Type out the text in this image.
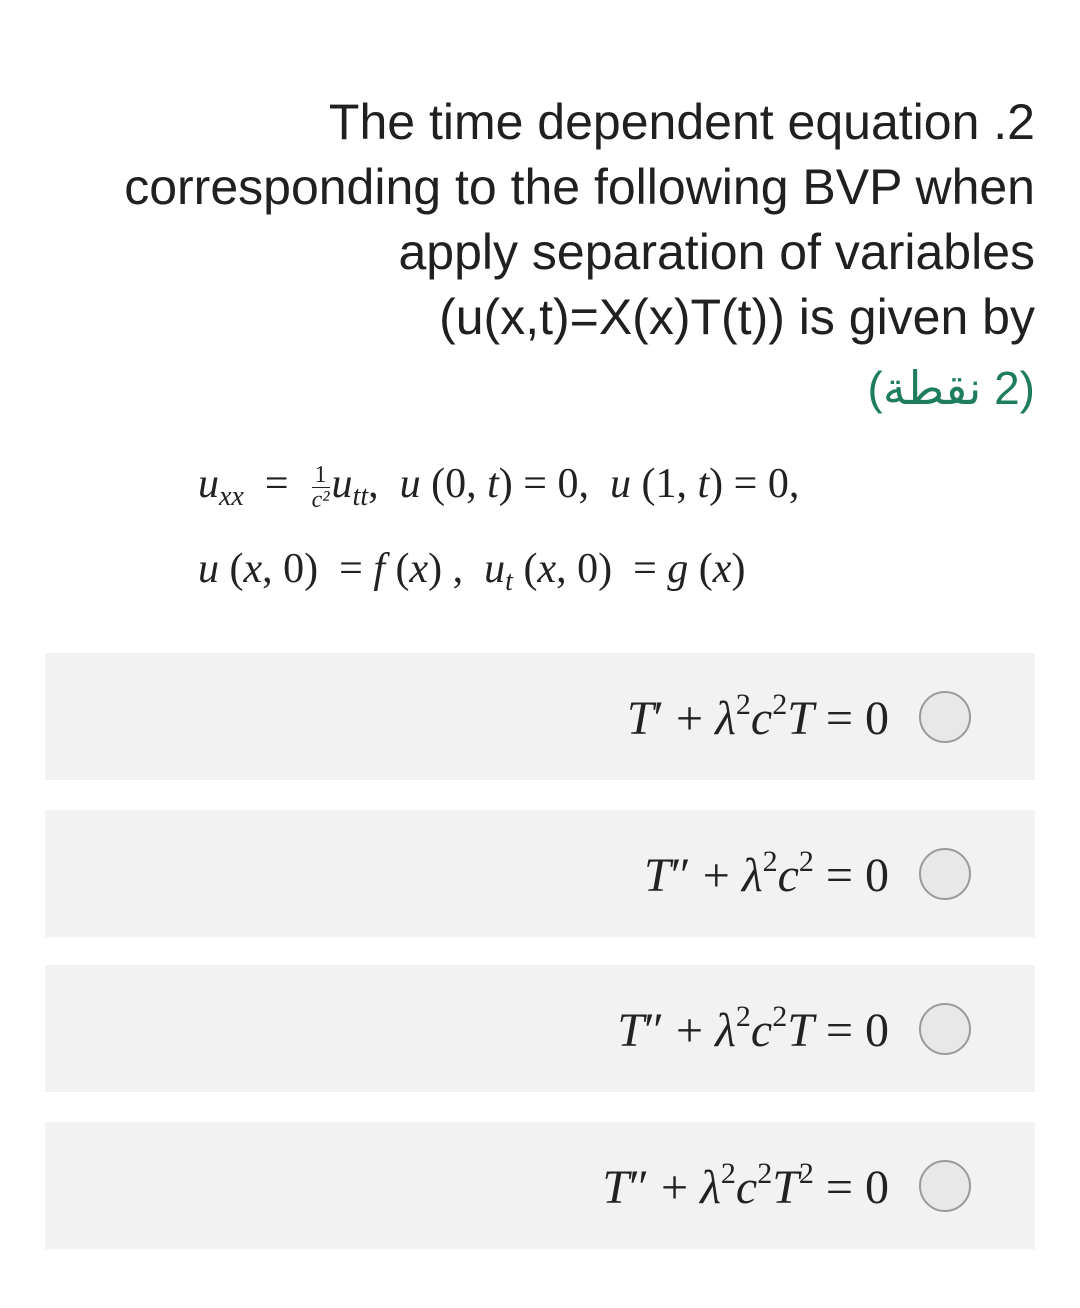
The time dependent equation .2
corresponding to the following BVP when
apply separation of variables
(u(x,t)=X(x)T(t)) is given by
(2 نقطة)
$u_{xx} = \frac{1}{\text{c²}} u_{tt}$,  u (0, t) = 0,  u (1, t) = 0,
u (x, 0)  = f (x) ,  $u_t$ (x, 0)  = g (x)
$T' + \lambda^2c^2T = 0$
$T'' + \lambda^2c^2 = 0$
$T'' + \lambda^2c^2T = 0$
$T'' + \lambda^2c^2T^2 = 0$
